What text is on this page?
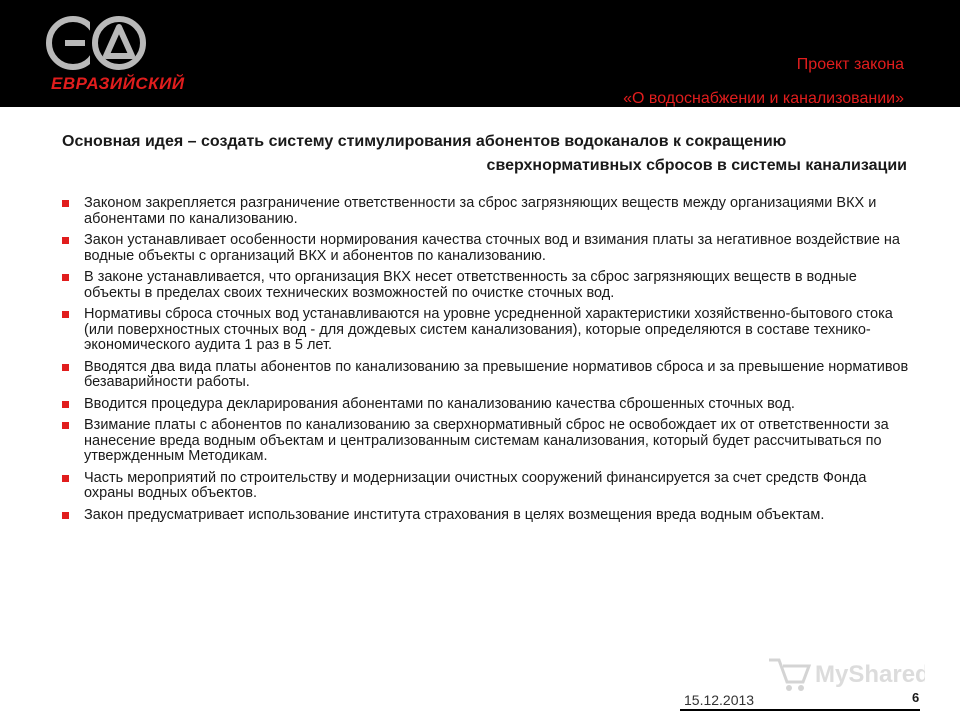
ЕВРАЗИЙСКИЙ
Проект закона
«О водоснабжении и канализовании»
Основная идея – создать систему стимулирования абонентов водоканалов к сокращению
сверхнормативных сбросов в системы канализации
Законом закрепляется разграничение ответственности за сброс загрязняющих веществ между организациями ВКХ и абонентами по канализованию.
Закон устанавливает особенности нормирования качества сточных вод и взимания платы за негативное воздействие на водные объекты с организаций ВКХ и абонентов по канализованию.
В законе устанавливается, что организация ВКХ несет ответственность за сброс загрязняющих веществ в водные объекты в пределах своих технических возможностей по очистке сточных вод.
Нормативы сброса сточных вод устанавливаются на уровне усредненной характеристики хозяйственно-бытового стока (или поверхностных сточных вод - для дождевых систем канализования), которые определяются в составе технико-экономического аудита 1 раз в 5 лет.
Вводятся два вида платы абонентов по канализованию за превышение нормативов сброса и за превышение нормативов безаварийности работы.
Вводится процедура декларирования абонентами по канализованию качества сброшенных сточных вод.
Взимание платы с абонентов по канализованию за сверхнормативный сброс не освобождает их от ответственности за нанесение вреда водным объектам и централизованным системам канализования, который будет рассчитываться по утвержденным Методикам.
Часть мероприятий по строительству и модернизации очистных сооружений финансируется за счет средств Фонда охраны водных объектов.
Закон предусматривает использование института страхования в целях возмещения вреда водным объектам.
MyShared
15.12.2013	6
